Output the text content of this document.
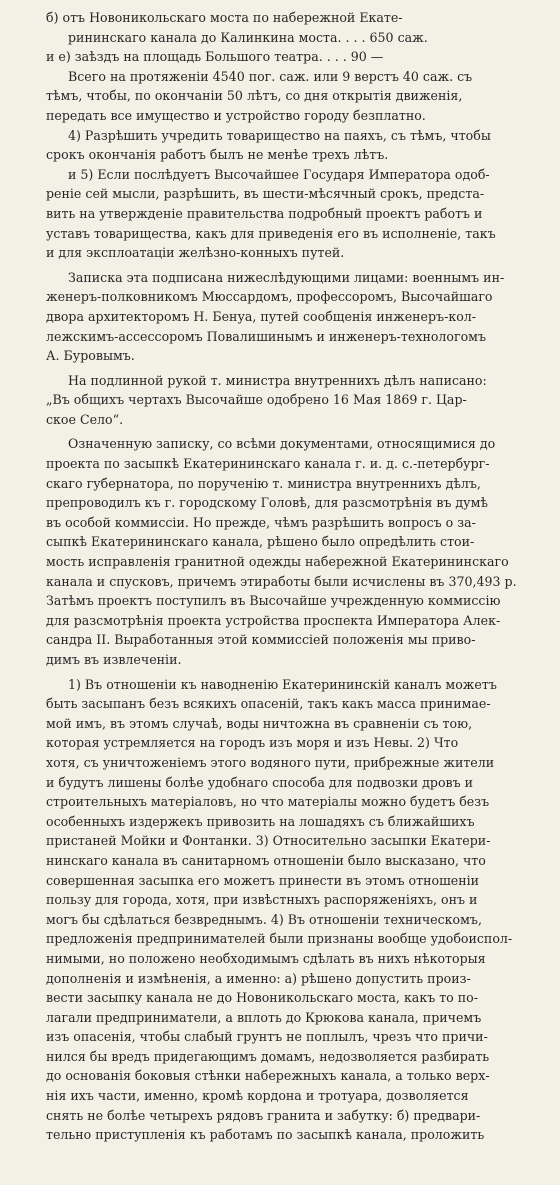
б) отъ Новоникольскаго моста по набережной Екате-
рининскаго канала до Калинкина моста. . . . 650 саж.
и е) заѣздъ на площадь Большого театра. . . . 90 —
Всего на протяженіи 4540 пог. саж. или 9 верстъ 40 саж. съ
тѣмъ, чтобы, по окончаніи 50 лѣтъ, со дня открытія движенія,
передать все имущество и устройство городу безплатно.
4) Разрѣшить учредить товарищество на паяхъ, съ тѣмъ, чтобы
срокъ окончанія работъ былъ не менѣе трехъ лѣтъ.
и 5) Если послѣдуетъ Высочайшее Государя Императора одоб-
реніе сей мысли, разрѣшить, въ шести-мѣсячный срокъ, предста-
вить на утвержденіе правительства подробный проектъ работъ и
уставъ товарищества, какъ для приведенія его въ исполненіе, такъ
и для эксплоатаціи желѣзно-конныхъ путей.
Записка эта подписана нижеслѣдующими лицами: военнымъ ин-
женеръ-полковникомъ Мюссардомъ, профессоромъ, Высочайшаго
двора архитекторомъ Н. Бенуа, путей сообщенія инженеръ-кол-
лежскимъ-ассессоромъ Повалишинымъ и инженеръ-технологомъ
А. Буровымъ.
На подлинной рукой т. министра внутреннихъ дѣлъ написано:
„Въ общихъ чертахъ Высочайше одобрено 16 Мая 1869 г. Цар-
ское Село“.
Означенную записку, со всѣми документами, относящимися до
проекта по засыпкѣ Екатерининскаго канала г. и. д. с.-петербург-
скаго губернатора, по порученію т. министра внутреннихъ дѣлъ,
препроводилъ къ г. городскому Головѣ, для разсмотрѣнія въ думѣ
въ особой коммиссіи. Но прежде, чѣмъ разрѣшить вопросъ о за-
сыпкѣ Екатерининскаго канала, рѣшено было опредѣлить стои-
мость исправленія гранитной одежды набережной Екатерининскаго
канала и спусковъ, причемъ этиработы были исчислены въ 370,493 р.
Затѣмъ проектъ поступилъ въ Высочайше учрежденную коммиссію
для разсмотрѣнія проекта устройства проспекта Императора Алек-
сандра II. Выработанныя этой коммиссіей положенія мы приво-
димъ въ извлеченіи.
1) Въ отношеніи къ наводненію Екатерининскій каналъ можетъ
быть засыпанъ безъ всякихъ опасеній, такъ какъ масса принимае-
мой имъ, въ этомъ случаѣ, воды ничтожна въ сравненіи съ тою,
которая устремляется на городъ изъ моря и изъ Невы. 2) Что
хотя, съ уничтоженіемъ этого водяного пути, прибрежные жители
и будутъ лишены болѣе удобнаго способа для подвозки дровъ и
строительныхъ матеріаловъ, но что матеріалы можно будетъ безъ
особенныхъ издержекъ привозить на лошадяхъ съ ближайшихъ
пристаней Мойки и Фонтанки. 3) Относительно засыпки Екатери-
нинскаго канала въ санитарномъ отношеніи было высказано, что
совершенная засыпка его можетъ принести въ этомъ отношеніи
пользу для города, хотя, при извѣстныхъ распоряженіяхъ, онъ и
могъ бы сдѣлаться безвреднымъ. 4) Въ отношеніи техническомъ,
предложенія предпринимателей были признаны вообще удобоиспол-
нимыми, но положено необходимымъ сдѣлать въ нихъ нѣкоторыя
дополненія и измѣненія, а именно: а) рѣшено допустить произ-
вести засыпку канала не до Новоникольскаго моста, какъ то по-
лагали предприниматели, а вплоть до Крюкова канала, причемъ
изъ опасенія, чтобы слабый грунтъ не поплылъ, чрезъ что причи-
нился бы вредъ придегающимъ домамъ, недозволяется разбирать
до основанія боковыя стѣнки набережныхъ канала, а только верх-
нія ихъ части, именно, кромѣ кордона и тротуара, дозволяется
снять не болѣе четырехъ рядовъ гранита и забутку: б) предвари-
тельно приступленія къ работамъ по засыпкѣ канала, проложить
